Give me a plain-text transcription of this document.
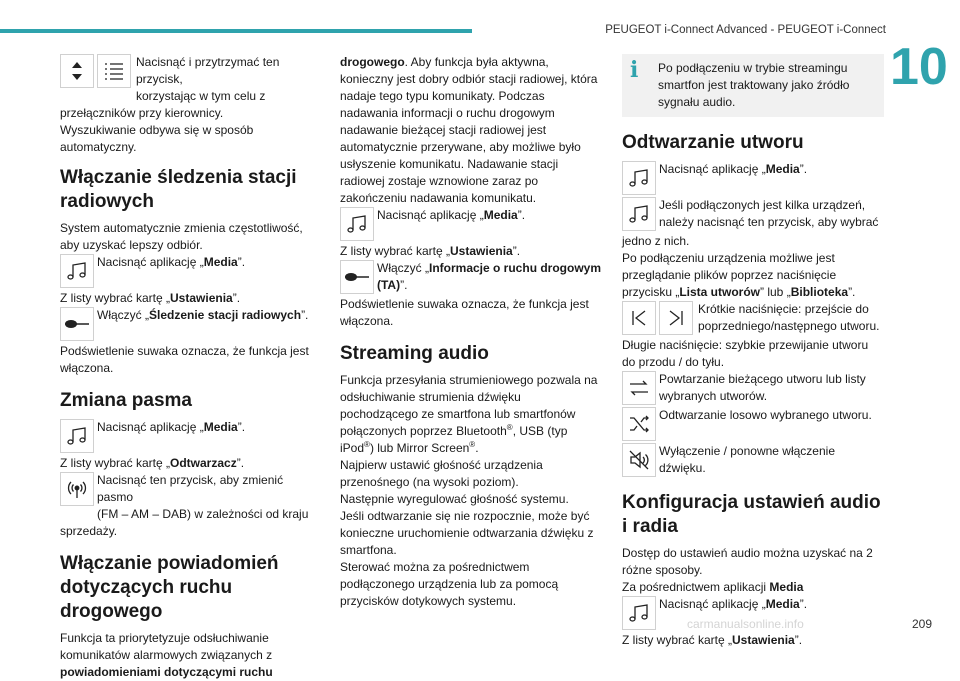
PEUGEOT i-Connect Advanced - PEUGEOT i-Connect
10
carmanualsonline.info	209

Nacisnąć i przytrzymać ten przycisk,

korzystając w tym celu z

przełączników przy kierownicy.

Wyszukiwanie odbywa się w sposób automatyczny.

Włączanie śledzenia stacji radiowych

System automatycznie zmienia częstotliwość, aby uzyskać lepszy odbiór.

Nacisnąć aplikację „Media”.

Z listy wybrać kartę „Ustawienia”.

Włączyć „Śledzenie stacji radiowych”.

Podświetlenie suwaka oznacza, że funkcja jest włączona.

Zmiana pasma
Nacisnąć aplikację „Media”.

Z listy wybrać kartę „Odtwarzacz”.

Nacisnąć ten przycisk, aby zmienić pasmo

(FM – AM – DAB) w zależności od kraju

sprzedaży.

Włączanie powiadomień dotyczących ruchu drogowego

Funkcja ta priorytetyzuje odsłuchiwanie komunikatów alarmowych związanych z powiadomieniami dotyczącymi ruchu

drogowego. Aby funkcja była aktywna, konieczny jest dobry odbiór stacji radiowej, która nadaje tego typu komunikaty. Podczas nadawania informacji o ruchu drogowym nadawanie bieżącej stacji radiowej jest automatycznie przerywane, aby możliwe było usłyszenie komunikatu. Nadawanie stacji radiowej zostaje wznowione zaraz po zakończeniu nadawania komunikatu.

Nacisnąć aplikację „Media”.

Z listy wybrać kartę „Ustawienia”.

Włączyć „Informacje o ruchu drogowym (TA)”.

Podświetlenie suwaka oznacza, że funkcja jest włączona.

Streaming audio

Funkcja przesyłania strumieniowego pozwala na odsłuchiwanie strumienia dźwięku pochodzącego ze smartfona lub smartfonów połączonych poprzez Bluetooth®, USB (typ iPod®) lub Mirror Screen®.

Najpierw ustawić głośność urządzenia przenośnego (na wysoki poziom).

Następnie wyregulować głośność systemu.

Jeśli odtwarzanie się nie rozpocznie, może być konieczne uruchomienie odtwarzania dźwięku z smartfona.

Sterować można za pośrednictwem podłączonego urządzenia lub za pomocą przycisków dotykowych systemu.

i	Po podłączeniu w trybie streamingu smartfon jest traktowany jako źródło sygnału audio.

Odtwarzanie utworu
Nacisnąć aplikację „Media”.

Jeśli podłączonych jest kilka urządzeń,

należy nacisnąć ten przycisk, aby wybrać

jedno z nich.

Po podłączeniu urządzenia możliwe jest przeglądanie plików poprzez naciśnięcie przycisku „Lista utworów” lub „Biblioteka”.

Krótkie naciśnięcie: przejście do

poprzedniego/następnego utworu.

Długie naciśnięcie: szybkie przewijanie utworu do przodu / do tyłu.

Powtarzanie bieżącego utworu lub listy

wybranych utworów.

Odtwarzanie losowo wybranego utworu.

Wyłączenie / ponowne włączenie dźwięku.

Konfiguracja ustawień audio i radia

Dostęp do ustawień audio można uzyskać na 2 różne sposoby.

Za pośrednictwem aplikacji Media

Nacisnąć aplikację „Media”.

Z listy wybrać kartę „Ustawienia”.
